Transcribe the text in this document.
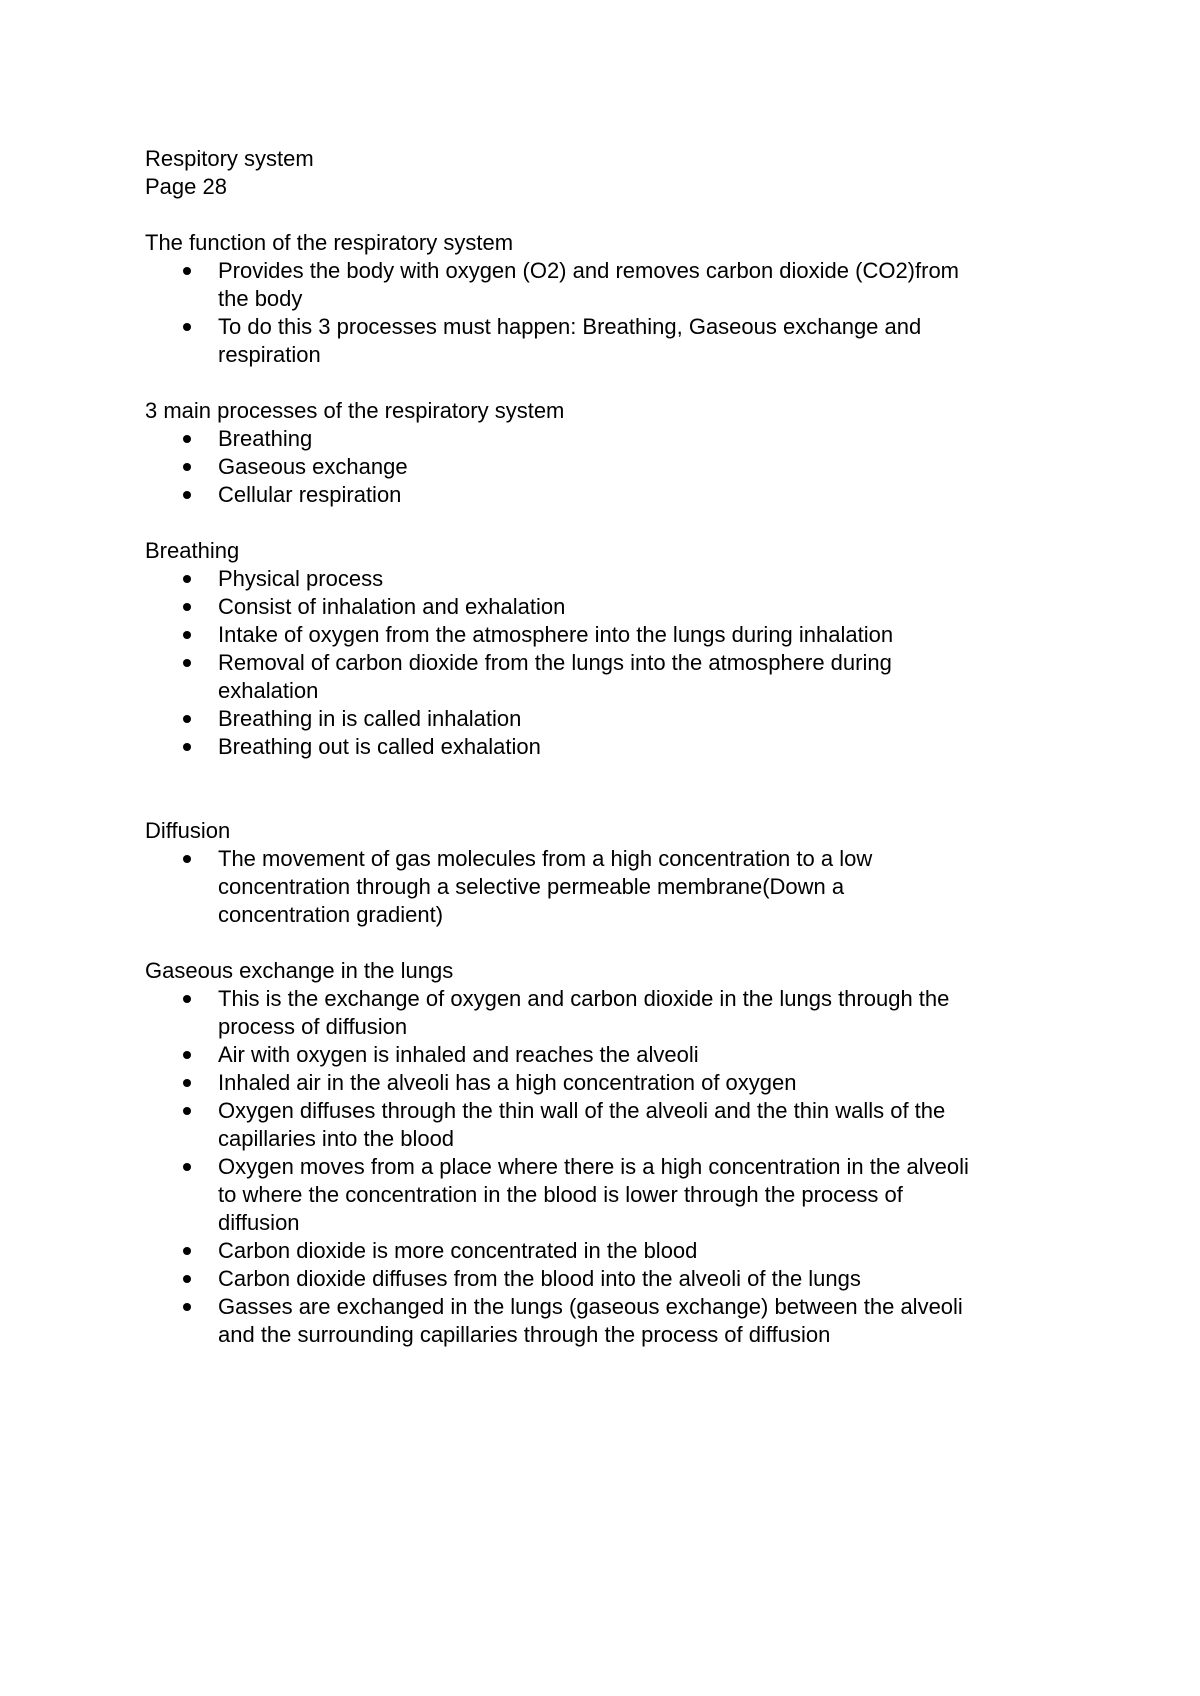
Respitory system

Page 28

The function of the respiratory system

Provides the body with oxygen (O2) and removes carbon dioxide (CO2)from
the body
To do this 3 processes must happen: Breathing, Gaseous exchange and
respiration

3 main processes of the respiratory system

Breathing
Gaseous exchange
Cellular respiration

Breathing

Physical process
Consist of inhalation and exhalation
Intake of oxygen from the atmosphere into the lungs during inhalation
Removal of carbon dioxide from the lungs into the atmosphere during
exhalation
Breathing in is called inhalation
Breathing out is called exhalation

Diffusion

The movement of gas molecules from a high concentration to a low
concentration through a selective permeable membrane(Down a
concentration gradient)

Gaseous exchange in the lungs

This is the exchange of oxygen and carbon dioxide in the lungs through the
process of diffusion
Air with oxygen is inhaled and reaches the alveoli
Inhaled air in the alveoli has a high concentration of oxygen
Oxygen diffuses through the thin wall of the alveoli and the thin walls of the
capillaries into the blood
Oxygen moves from a place where there is a high concentration in the alveoli
to where the concentration in the blood is lower through the process of
diffusion
Carbon dioxide is more concentrated in the blood
Carbon dioxide diffuses from the blood into the alveoli of the lungs
Gasses are exchanged in the lungs (gaseous exchange) between the alveoli
and the surrounding capillaries through the process of diffusion
